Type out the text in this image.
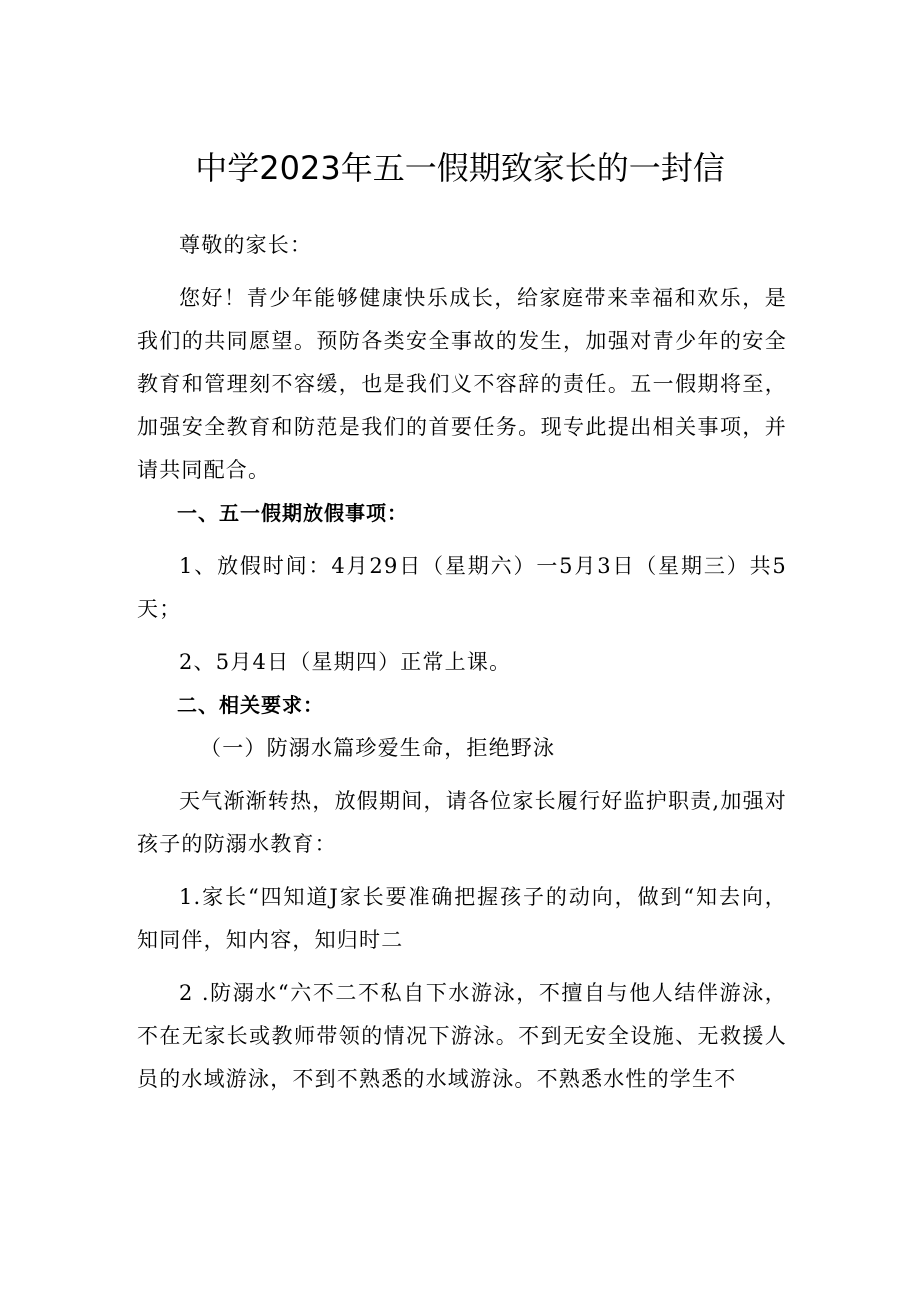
中学2023年五一假期致家长的一封信

尊敬的家长：

您好！青少年能够健康快乐成长，给家庭带来幸福和欢乐，是我们的共同愿望。预防各类安全事故的发生，加强对青少年的安全教育和管理刻不容缓，也是我们义不容辞的责任。五一假期将至，加强安全教育和防范是我们的首要任务。现专此提出相关事项，并请共同配合。

一、五一假期放假事项：

1、放假时间：4月29日（星期六）一5月3日（星期三）共5天；

2、5月4日（星期四）正常上课。

二、相关要求：

（一）防溺水篇珍爱生命，拒绝野泳

天气渐渐转热，放假期间，请各位家长履行好监护职责,加强对孩子的防溺水教育：

1.家长“四知道J家长要准确把握孩子的动向，做到“知去向，知同伴，知内容，知归时二

2 .防溺水“六不二不私自下水游泳，不擅自与他人结伴游泳，不在无家长或教师带领的情况下游泳。不到无安全设施、无救援人员的水域游泳，不到不熟悉的水域游泳。不熟悉水性的学生不
